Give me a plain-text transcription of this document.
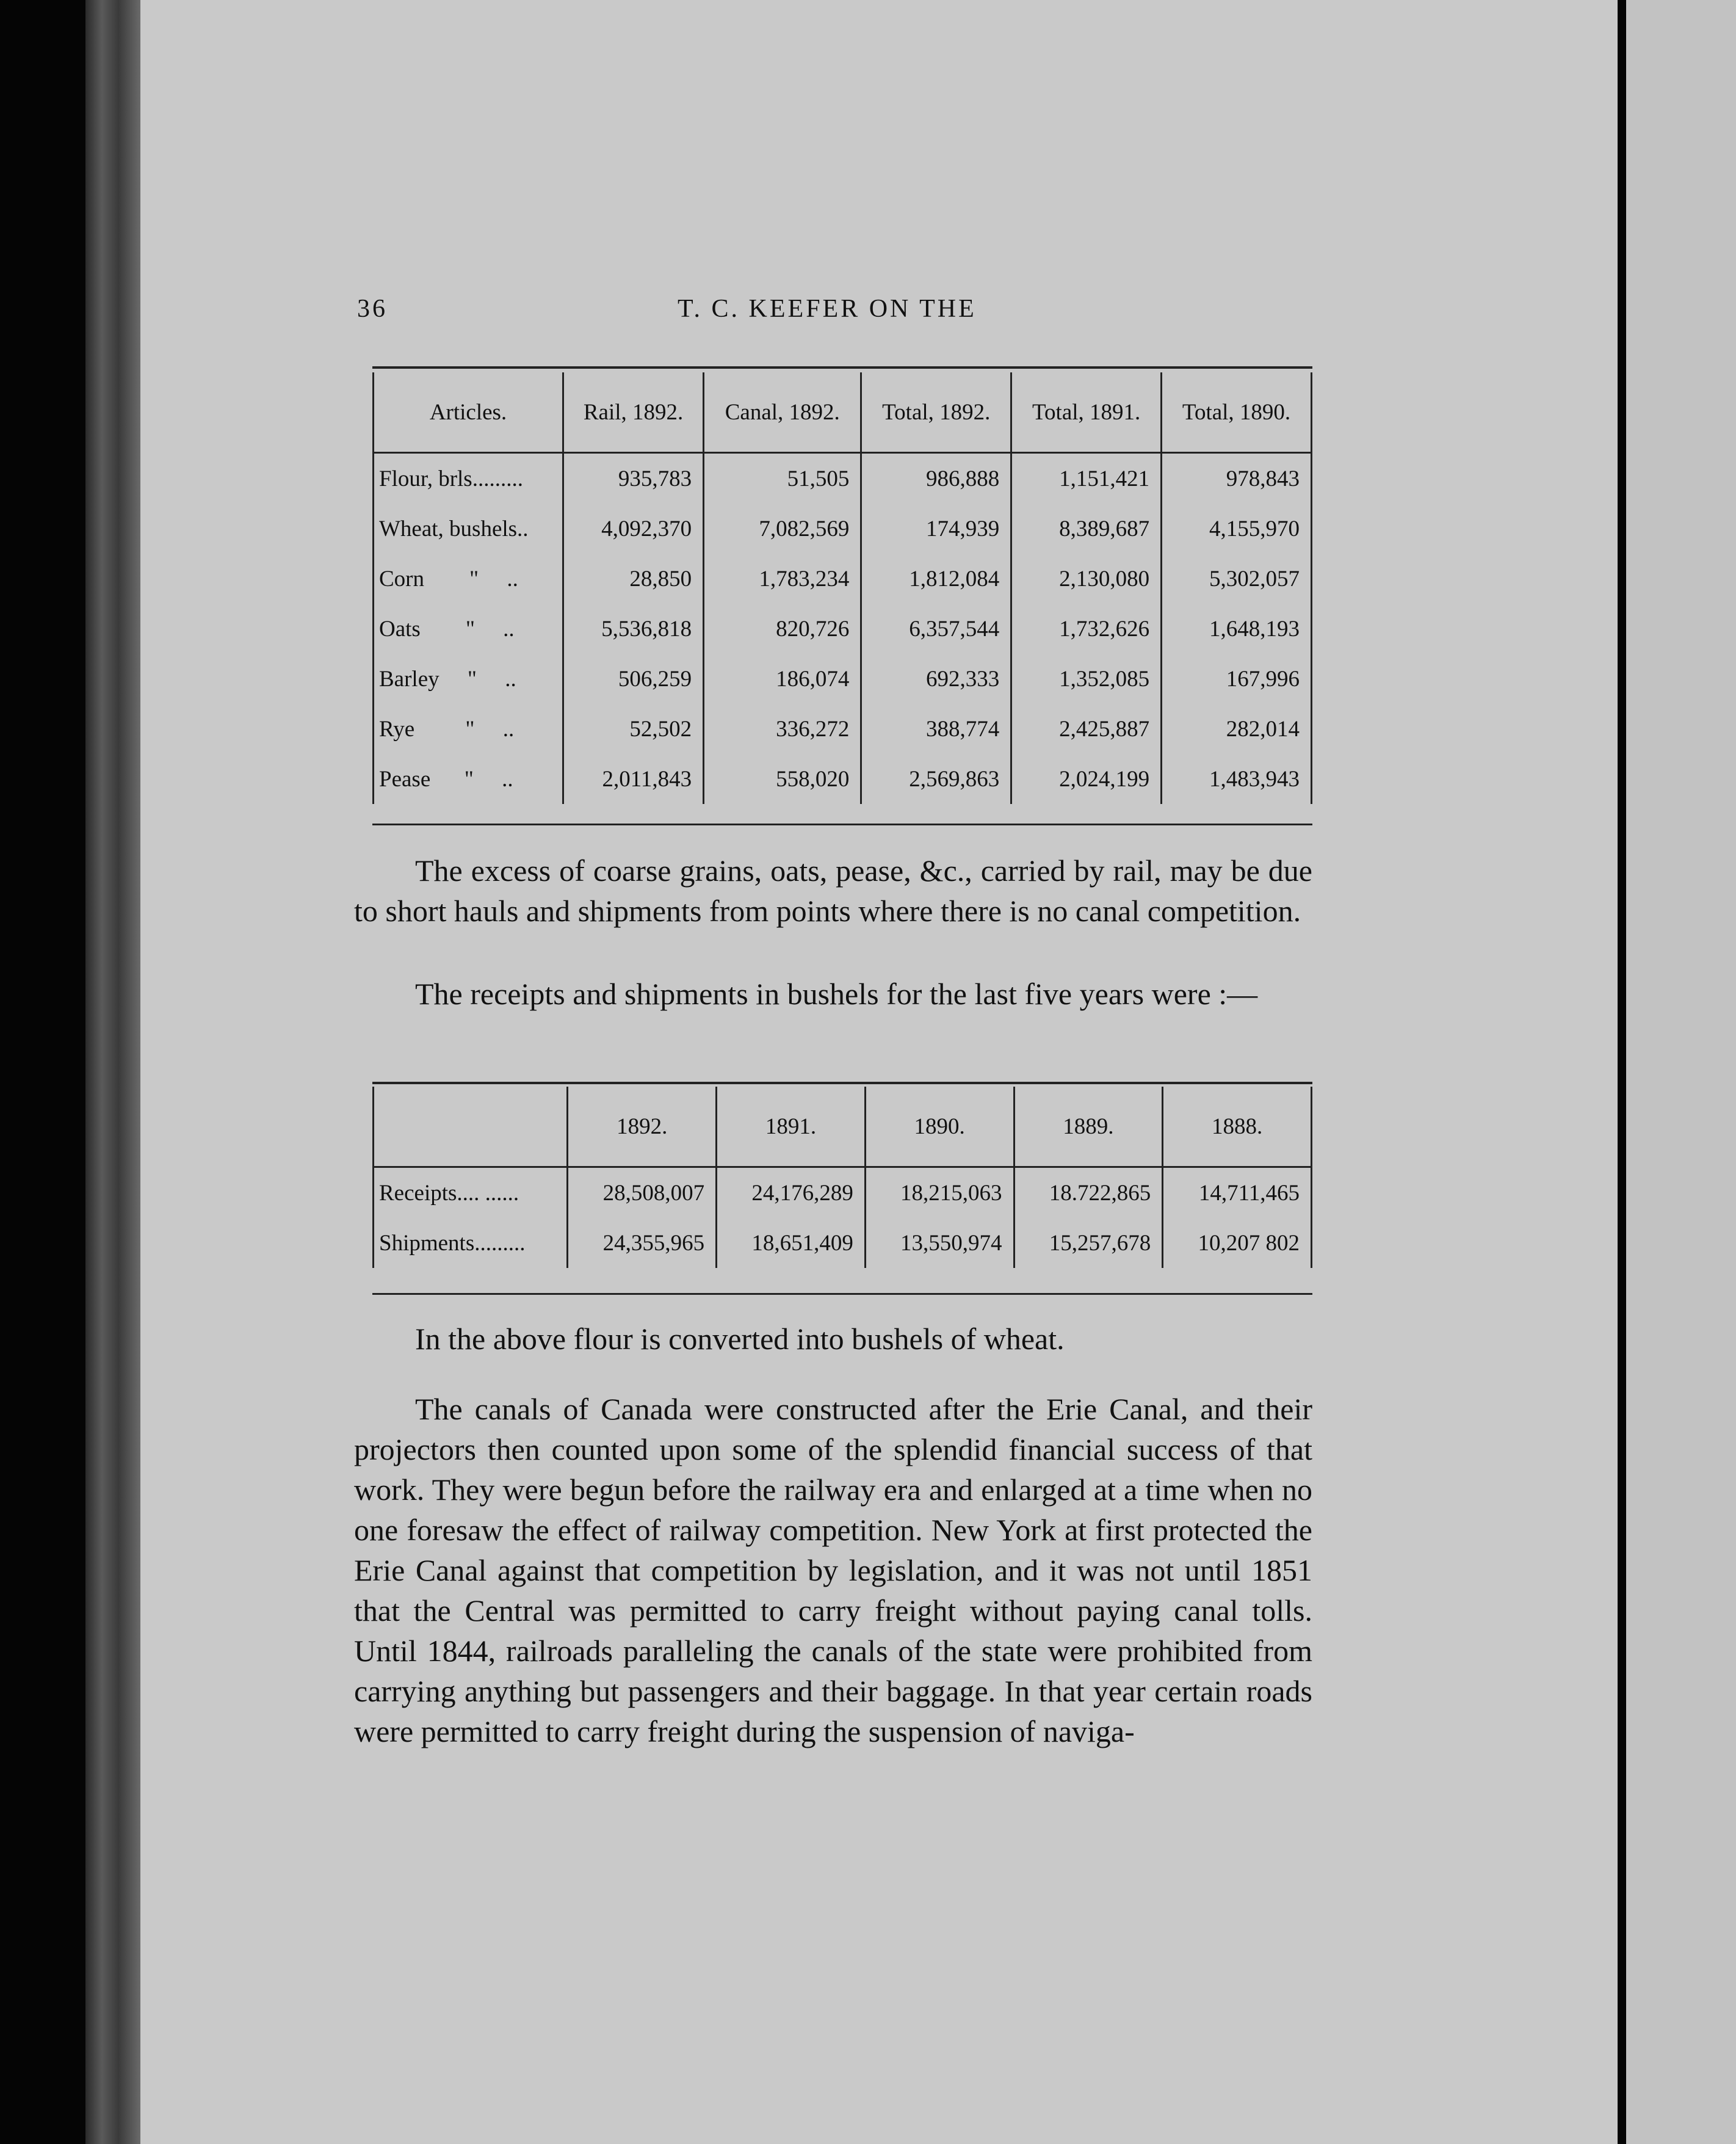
36	T. C. KEEFER ON THE
Articles.	Rail, 1892.	Canal, 1892.	Total, 1892.	Total, 1891.	Total, 1890.
Flour, brls.........	935,783	51,505	986,888	1,151,421	978,843
Wheat, bushels..	4,092,370	7,082,569	174,939	8,389,687	4,155,970
Corn        "     ..	28,850	1,783,234	1,812,084	2,130,080	5,302,057
Oats        "     ..	5,536,818	820,726	6,357,544	1,732,626	1,648,193
Barley     "     ..	506,259	186,074	692,333	1,352,085	167,996
Rye         "     ..	52,502	336,272	388,774	2,425,887	282,014
Pease      "     ..	2,011,843	558,020	2,569,863	2,024,199	1,483,943

The excess of coarse grains, oats, pease, &c., carried by rail, may be due to short hauls and shipments from points where there is no canal competition.

The receipts and shipments in bushels for the last five years were :—

	1892.	1891.	1890.	1889.	1888.
Receipts.... ......	28,508,007	24,176,289	18,215,063	18.722,865	14,711,465
Shipments.........	24,355,965	18,651,409	13,550,974	15,257,678	10,207 802

In the above flour is converted into bushels of wheat.

The canals of Canada were constructed after the Erie Canal, and their projectors then counted upon some of the splendid financial success of that work. They were begun before the railway era and enlarged at a time when no one foresaw the effect of railway competition. New York at first protected the Erie Canal against that competition by legislation, and it was not until 1851 that the Central was permitted to carry freight without paying canal tolls. Until 1844, railroads paralleling the canals of the state were prohibited from carrying anything but passengers and their baggage. In that year certain roads were permitted to carry freight during the suspension of naviga-
